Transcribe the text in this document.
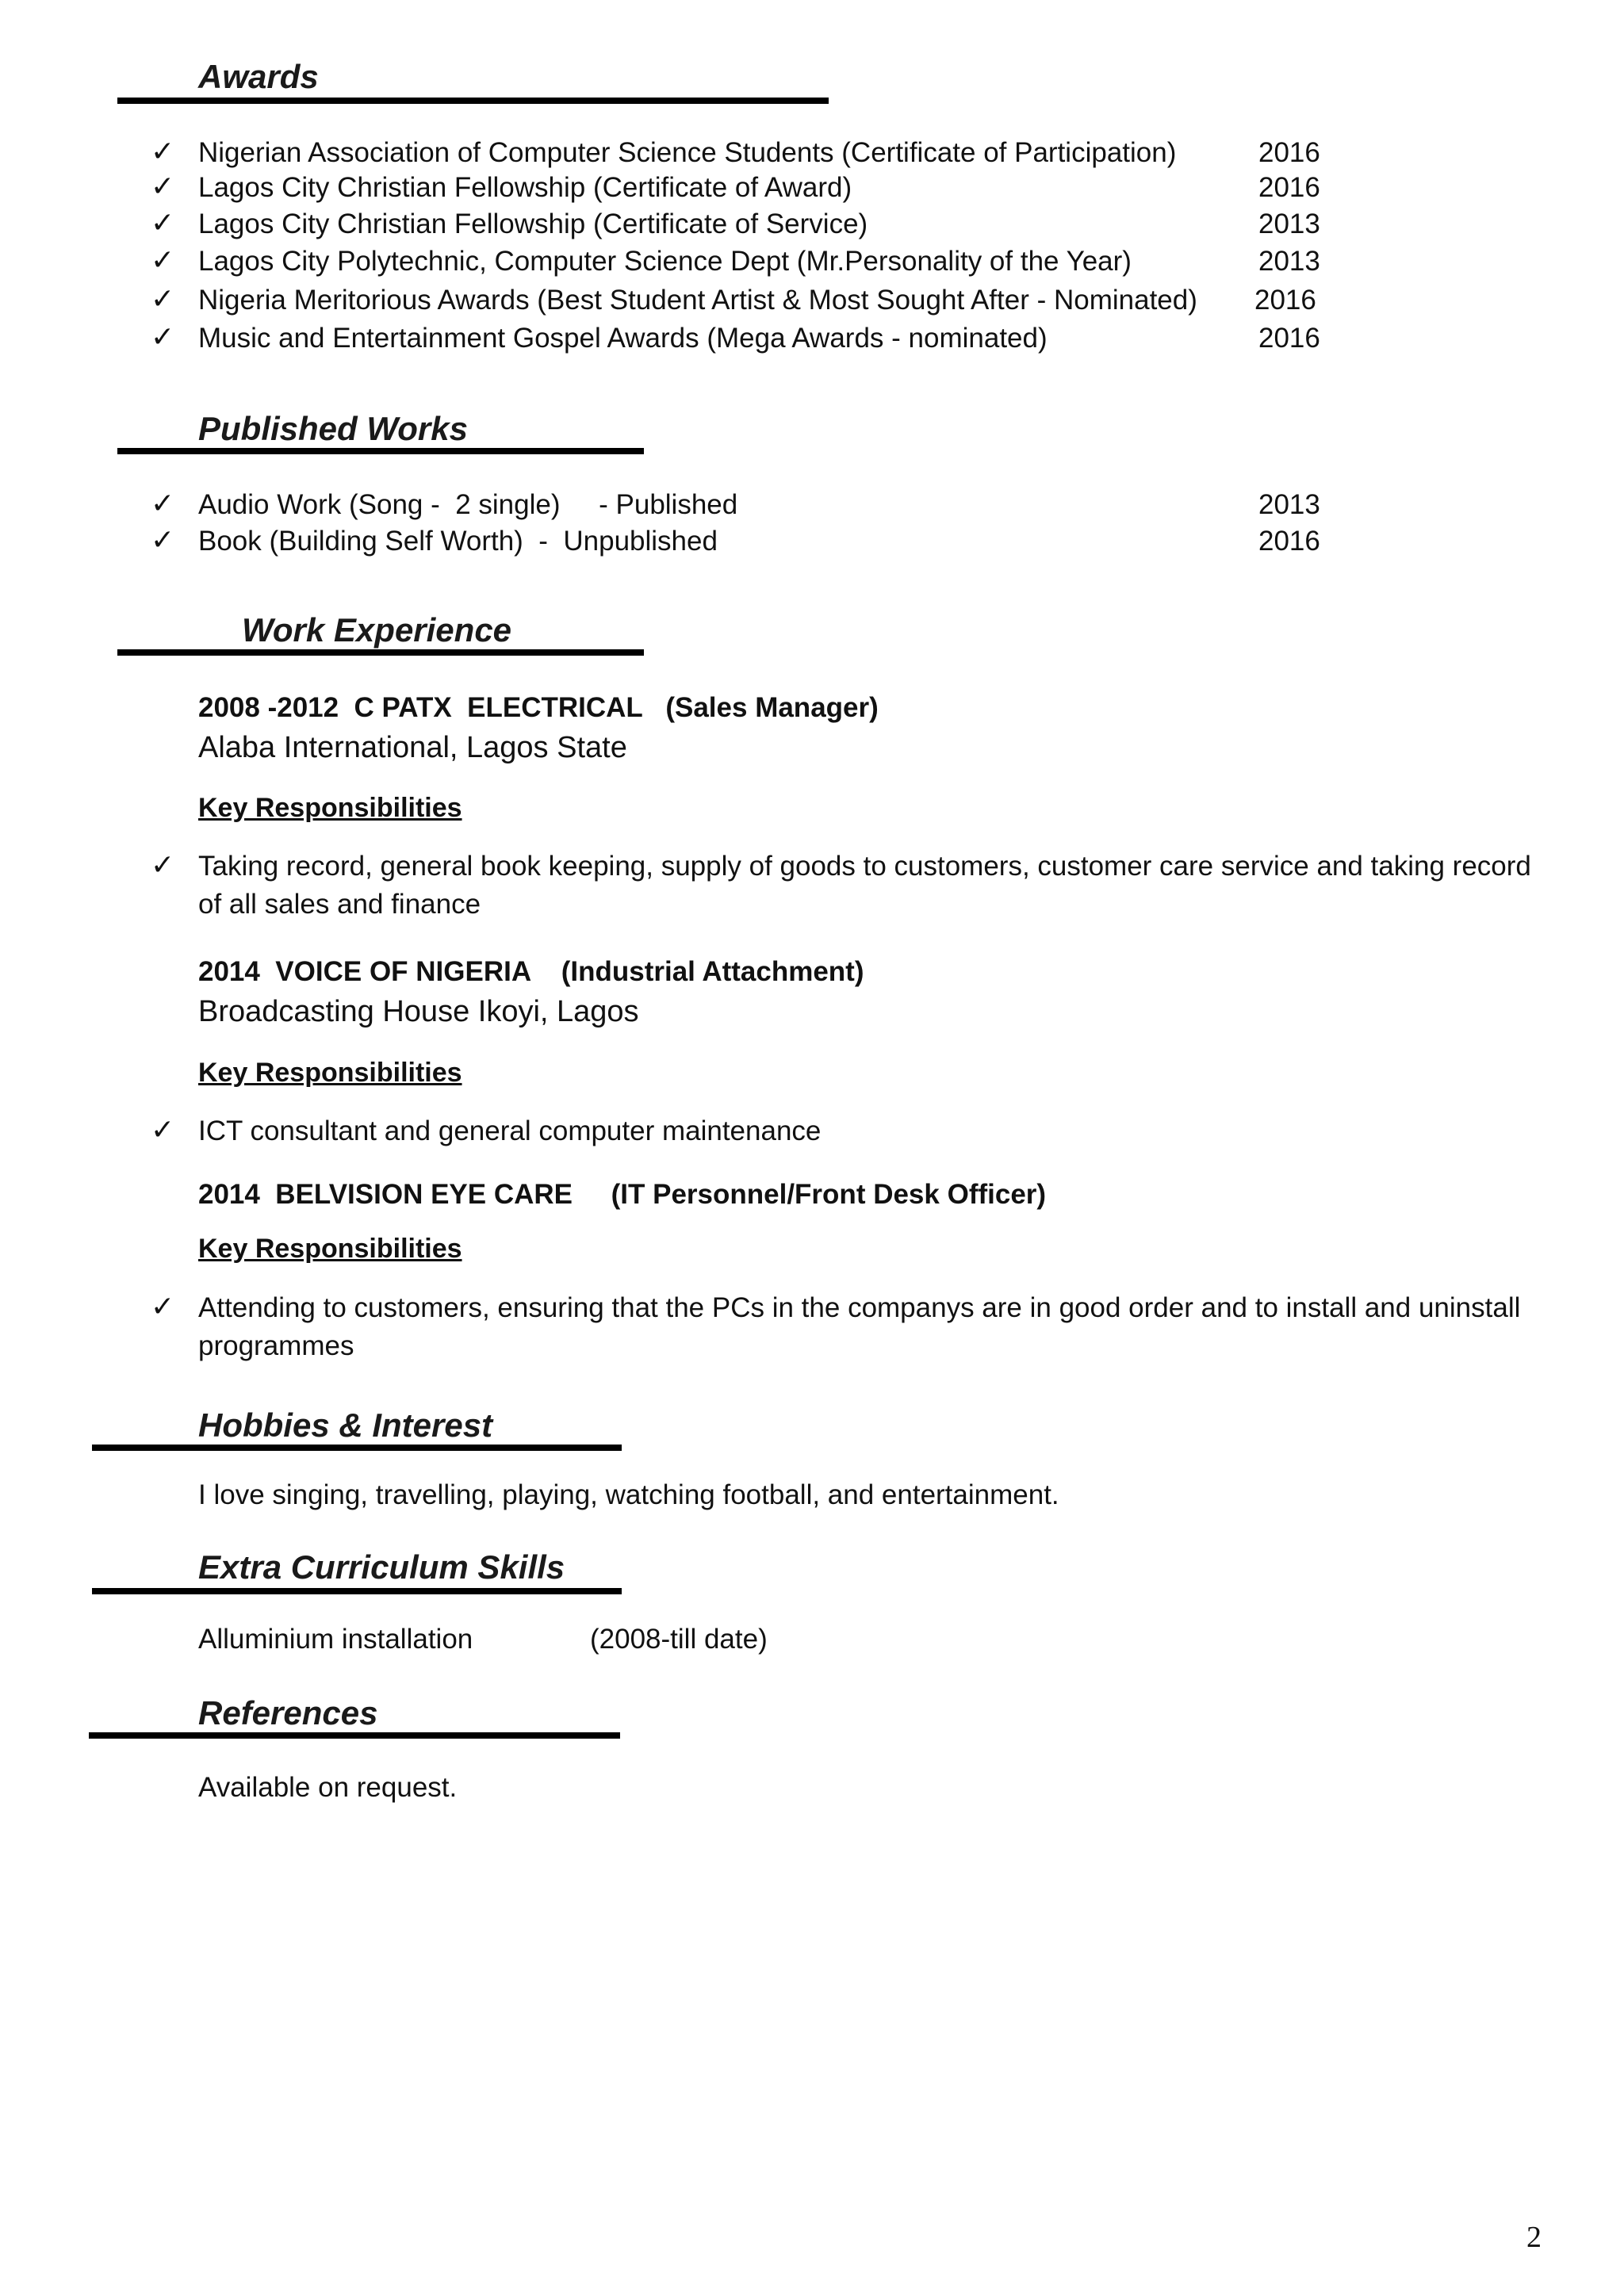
Awards
✓ Nigerian Association of Computer Science Students (Certificate of Participation)	2016
✓ Lagos City Christian Fellowship (Certificate of Award)	2016
✓ Lagos City Christian Fellowship (Certificate of Service)	2013
✓ Lagos City Polytechnic, Computer Science Dept (Mr.Personality of the Year)	2013
✓ Nigeria Meritorious Awards (Best Student Artist & Most Sought After - Nominated) 2016
✓ Music and Entertainment Gospel Awards (Mega Awards - nominated)	2016
Published Works
✓ Audio Work (Song -  2 single)     - Published	2013
✓ Book (Building Self Worth)  -  Unpublished	2016
Work Experience
2008 -2012  C PATX  ELECTRICAL   (Sales Manager)
Alaba International, Lagos State
Key Responsibilities
✓ Taking record, general book keeping, supply of goods to customers, customer care service and taking record of all sales and finance
2014  VOICE OF NIGERIA    (Industrial Attachment)
Broadcasting House Ikoyi, Lagos
Key Responsibilities
✓ ICT consultant and general computer maintenance
2014  BELVISION EYE CARE     (IT Personnel/Front Desk Officer)
Key Responsibilities
✓ Attending to customers, ensuring that the PCs in the companys are in good order and to install and uninstall programmes
Hobbies & Interest
I love singing, travelling, playing, watching football, and entertainment.
Extra Curriculum Skills
Alluminium installation	(2008-till date)
References
Available on request.
2
